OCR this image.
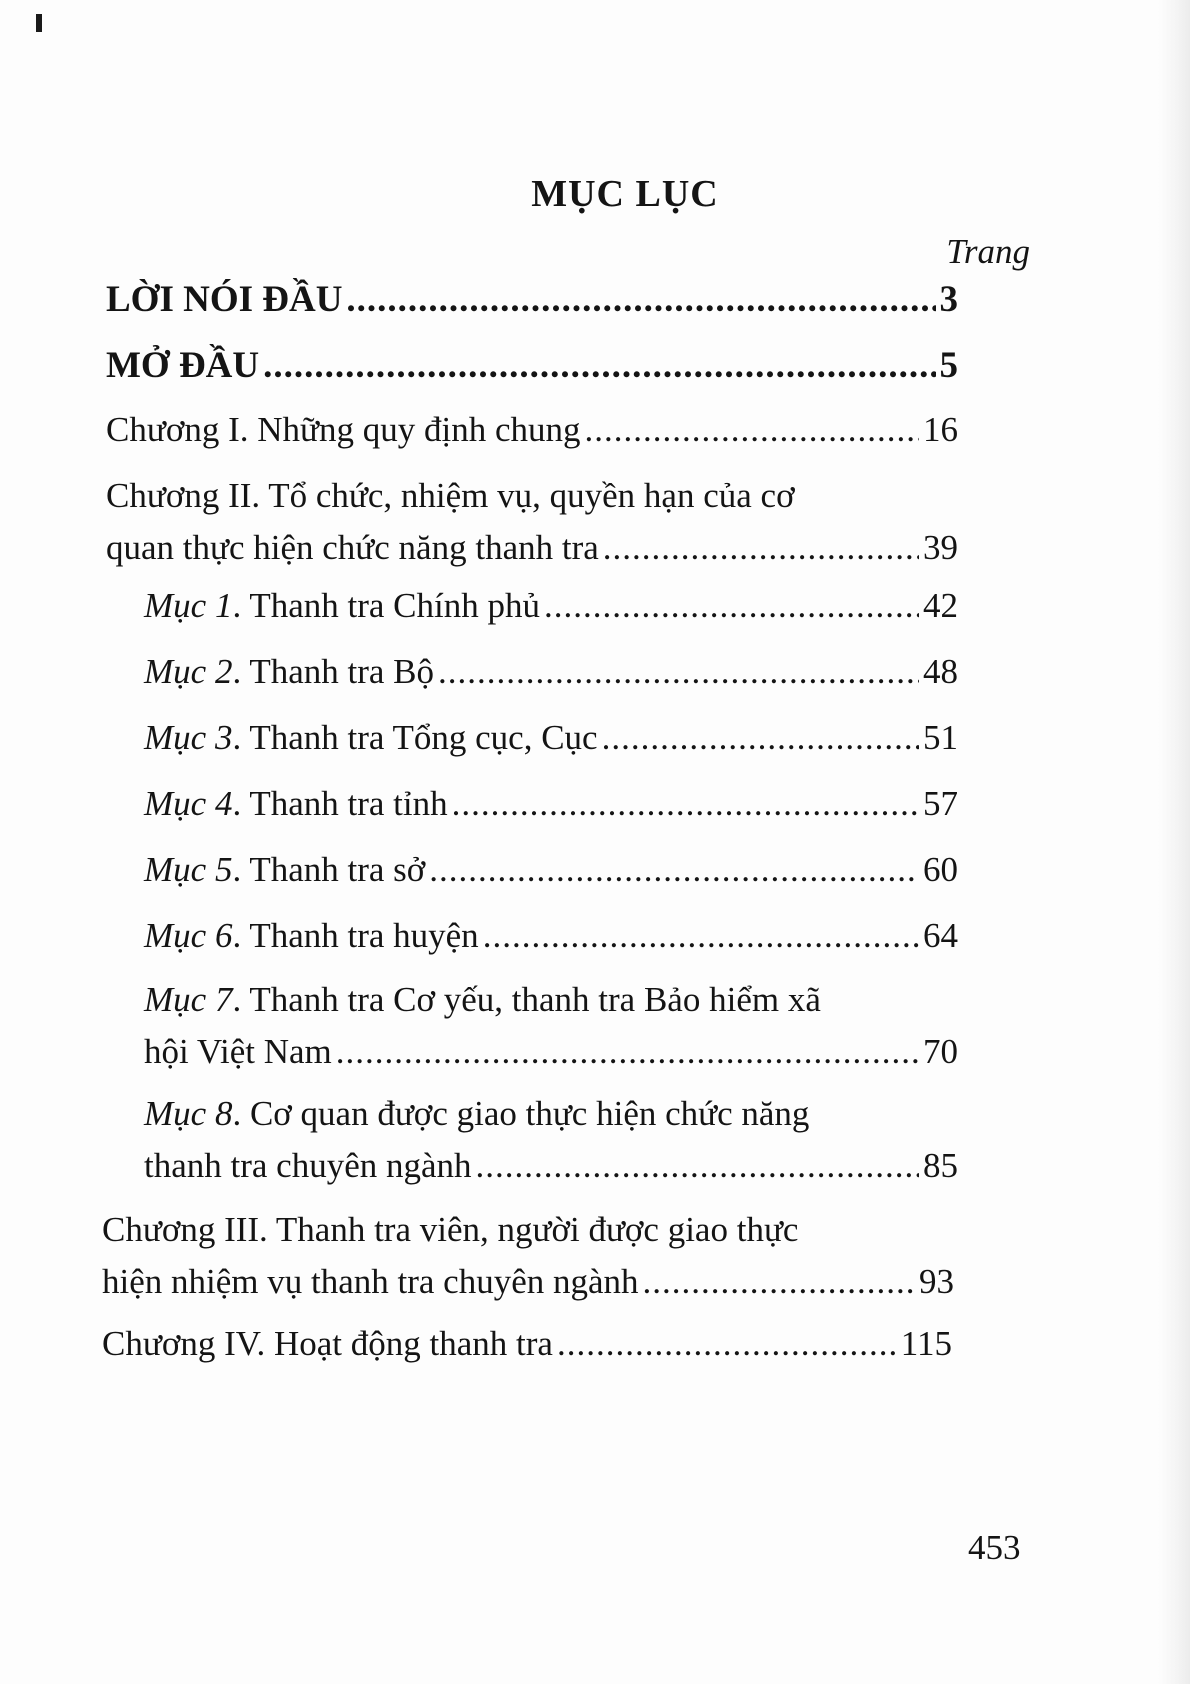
MỤC LỤC
Trang
LỜI NÓI ĐẦU .....	3
MỞ ĐẦU .....	5
Chương I. Những quy định chung .....	16
Chương II. Tổ chức, nhiệm vụ, quyền hạn của cơ
quan thực hiện chức năng thanh tra .....	39
Mục 1 . Thanh tra Chính phủ .....	42
Mục 2 . Thanh tra Bộ .....	48
Mục 3 . Thanh tra Tổng cục, Cục .....	51
Mục 4 . Thanh tra tỉnh .....	57
Mục 5 . Thanh tra sở .....	60
Mục 6 . Thanh tra huyện .....	64
Mục 7 . Thanh tra Cơ yếu, thanh tra Bảo hiểm xã
hội Việt Nam .....	70
Mục 8 . Cơ quan được giao thực hiện chức năng
thanh tra chuyên ngành .....	85
Chương III. Thanh tra viên, người được giao thực
hiện nhiệm vụ thanh tra chuyên ngành .....	93
Chương IV. Hoạt động thanh tra .....	115
453
